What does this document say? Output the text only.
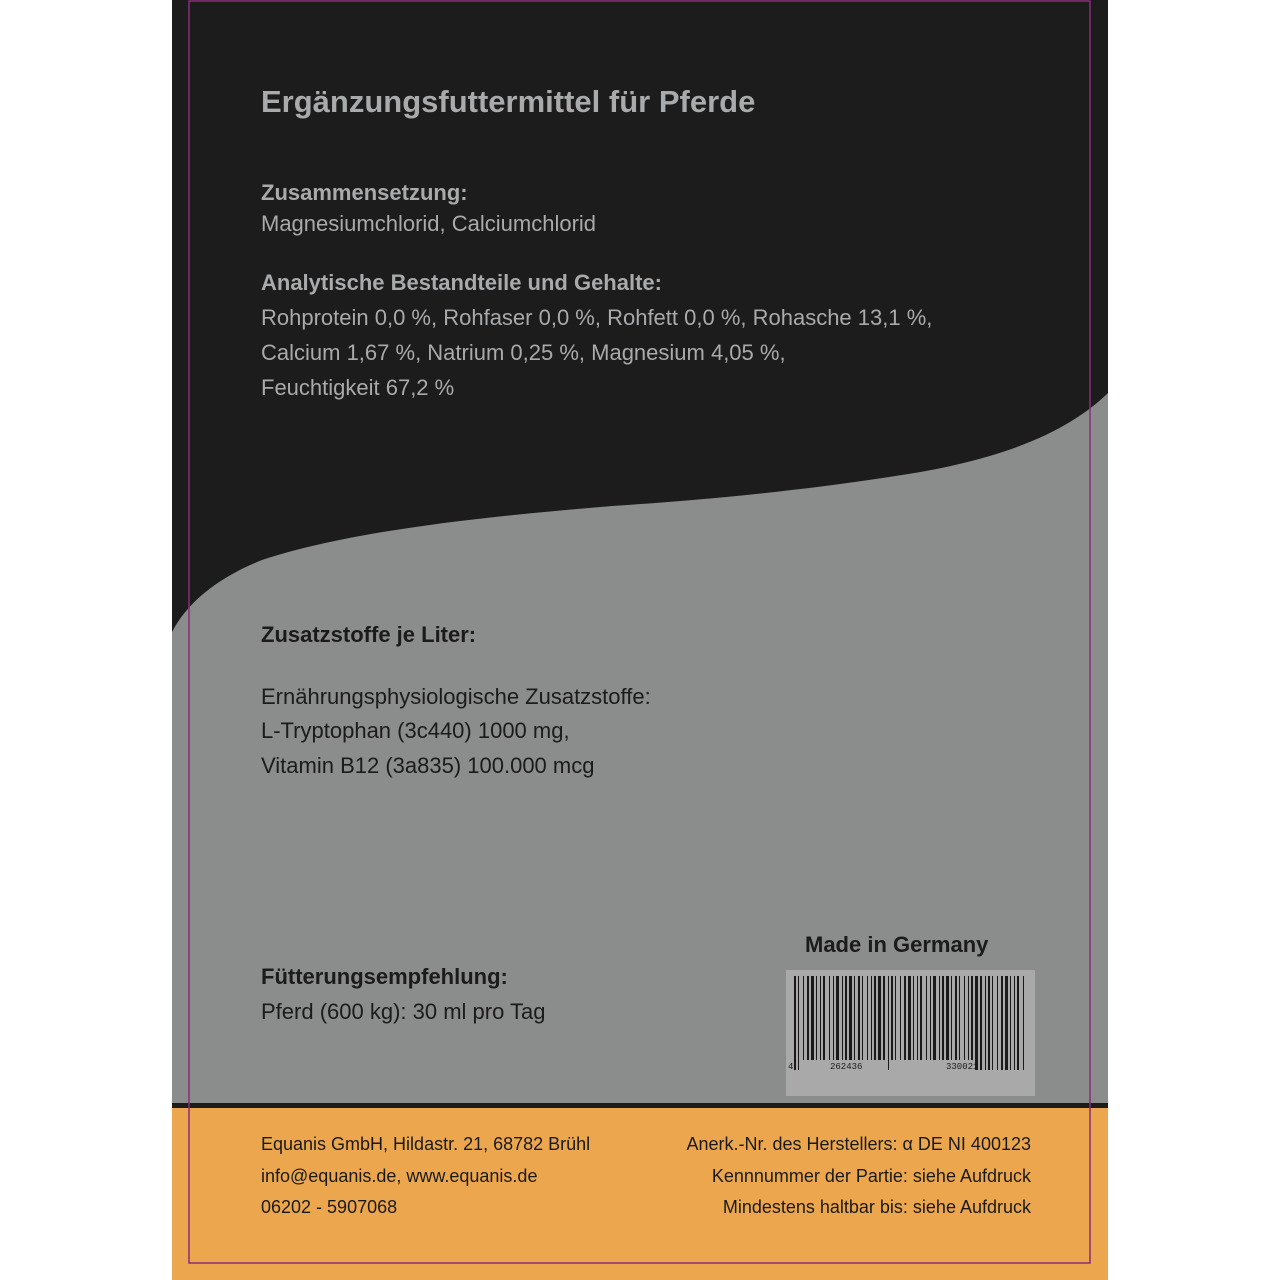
Ergänzungsfuttermittel für Pferde
Zusammensetzung:
Magnesiumchlorid, Calciumchlorid
Analytische Bestandteile und Gehalte:
Rohprotein 0,0 %, Rohfaser 0,0 %, Rohfett 0,0 %, Rohasche 13,1 %,
Calcium 1,67 %, Natrium 0,25 %, Magnesium 4,05 %,
Feuchtigkeit 67,2 %
Zusatzstoffe je Liter:
Ernährungsphysiologische Zusatzstoffe:
L-Tryptophan (3c440) 1000 mg,
Vitamin B12 (3a835) 100.000 mcg
Fütterungsempfehlung:
Pferd (600 kg): 30 ml pro Tag
Made in Germany
4	262436	330021
Equanis GmbH, Hildastr. 21, 68782 Brühl
info@equanis.de, www.equanis.de
06202 - 5907068
Anerk.-Nr. des Herstellers: α DE NI 400123
Kennnummer der Partie: siehe Aufdruck
Mindestens haltbar bis: siehe Aufdruck
